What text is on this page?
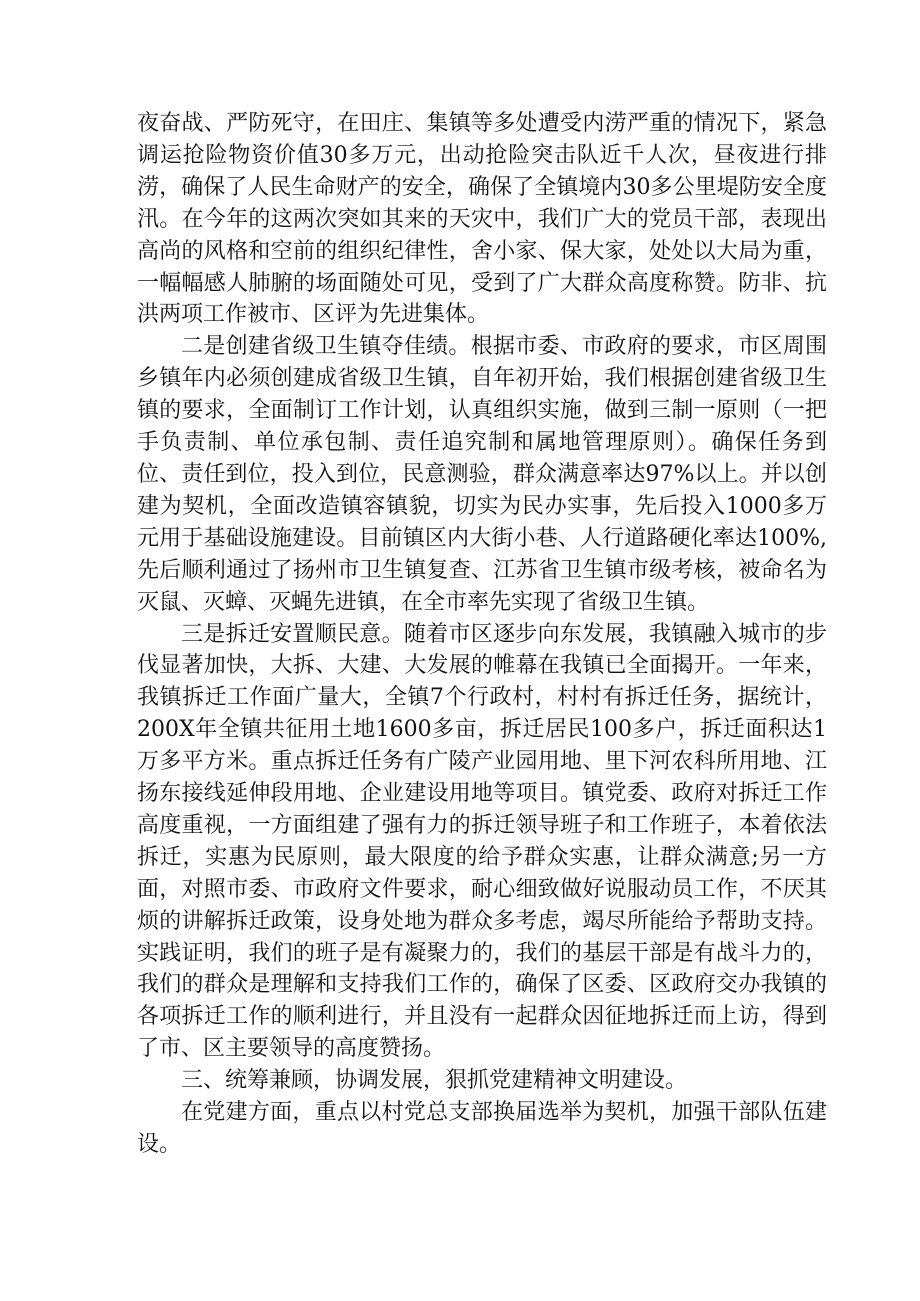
夜奋战、严防死守，在田庄、集镇等多处遭受内涝严重的情况下，紧急调运抢险物资价值30多万元，出动抢险突击队近千人次，昼夜进行排涝，确保了人民生命财产的安全，确保了全镇境内30多公里堤防安全度汛。在今年的这两次突如其来的天灾中，我们广大的党员干部，表现出高尚的风格和空前的组织纪律性，舍小家、保大家，处处以大局为重，一幅幅感人肺腑的场面随处可见，受到了广大群众高度称赞。防非、抗洪两项工作被市、区评为先进集体。

二是创建省级卫生镇夺佳绩。根据市委、市政府的要求，市区周围乡镇年内必须创建成省级卫生镇，自年初开始，我们根据创建省级卫生镇的要求，全面制订工作计划，认真组织实施，做到三制一原则（一把手负责制、单位承包制、责任追究制和属地管理原则）。确保任务到位、责任到位，投入到位，民意测验，群众满意率达97%以上。并以创建为契机，全面改造镇容镇貌，切实为民办实事，先后投入1000多万元用于基础设施建设。目前镇区内大街小巷、人行道路硬化率达100%,先后顺利通过了扬州市卫生镇复查、江苏省卫生镇市级考核，被命名为灭鼠、灭蟑、灭蝇先进镇，在全市率先实现了省级卫生镇。

三是拆迁安置顺民意。随着市区逐步向东发展，我镇融入城市的步伐显著加快，大拆、大建、大发展的帷幕在我镇已全面揭开。一年来，我镇拆迁工作面广量大，全镇7个行政村，村村有拆迁任务，据统计，200X年全镇共征用土地1600多亩，拆迁居民100多户，拆迁面积达1万多平方米。重点拆迁任务有广陵产业园用地、里下河农科所用地、江扬东接线延伸段用地、企业建设用地等项目。镇党委、政府对拆迁工作高度重视，一方面组建了强有力的拆迁领导班子和工作班子，本着依法拆迁，实惠为民原则，最大限度的给予群众实惠，让群众满意;另一方面，对照市委、市政府文件要求，耐心细致做好说服动员工作，不厌其烦的讲解拆迁政策，设身处地为群众多考虑，竭尽所能给予帮助支持。实践证明，我们的班子是有凝聚力的，我们的基层干部是有战斗力的，我们的群众是理解和支持我们工作的，确保了区委、区政府交办我镇的各项拆迁工作的顺利进行，并且没有一起群众因征地拆迁而上访，得到了市、区主要领导的高度赞扬。

三、统筹兼顾，协调发展，狠抓党建精神文明建设。

在党建方面，重点以村党总支部换届选举为契机，加强干部队伍建设。
